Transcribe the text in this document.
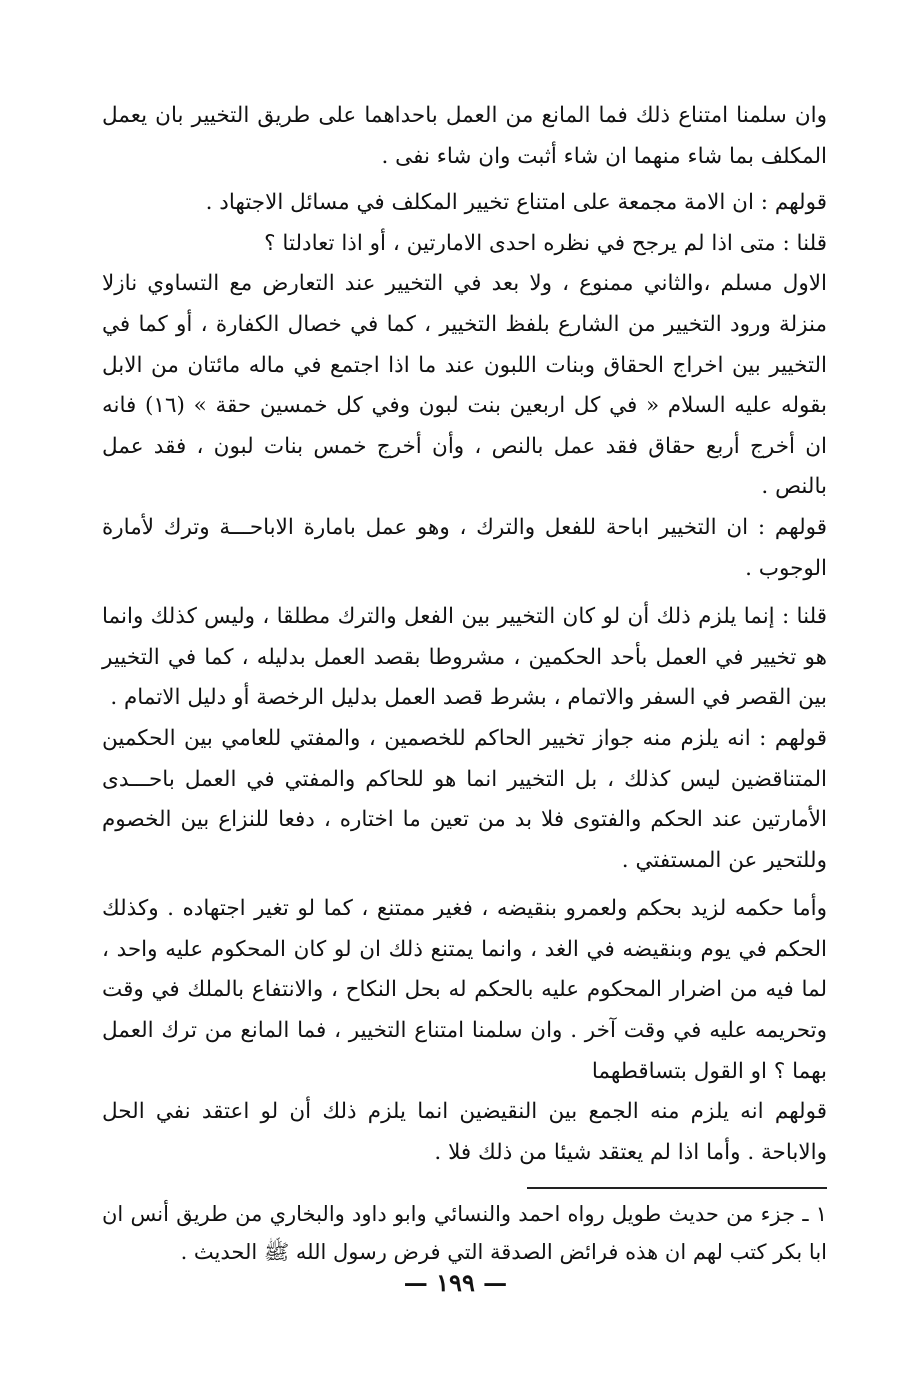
وان سلمنا امتناع ذلك فما المانع من العمل باحداهما على طريق التخيير بان يعمل المكلف بما شاء منهما ان شاء أثبت وان شاء نفى .

قولهم : ان الامة مجمعة على امتناع تخيير المكلف في مسائل الاجتهاد .

قلنا : متى اذا لم يرجح في نظره احدى الامارتين ، أو اذا تعادلتا ؟

الاول مسلم ،والثاني ممنوع ، ولا بعد في التخيير عند التعارض مع التساوي نازلا منزلة ورود التخيير من الشارع بلفظ التخيير ، كما في خصال الكفارة ، أو كما في التخيير بين اخراج الحقاق وبنات اللبون عند ما اذا اجتمع في ماله مائتان من الابل بقوله عليه السلام « في كل اربعين بنت لبون وفي كل خمسين حقة » (١٦) فانه ان أخرج أربع حقاق فقد عمل بالنص ، وأن أخرج خمس بنات لبون ، فقد عمل بالنص .

قولهم : ان التخيير اباحة للفعل والترك ، وهو عمل بامارة الاباحـــة وترك لأمارة الوجوب .

قلنا : إنما يلزم ذلك أن لو كان التخيير بين الفعل والترك مطلقا ، وليس كذلك وانما هو تخيير في العمل بأحد الحكمين ، مشروطا بقصد العمل بدليله ، كما في التخيير بين القصر في السفر والاتمام ، بشرط قصد العمل بدليل الرخصة أو دليل الاتمام .

قولهم : انه يلزم منه جواز تخيير الحاكم للخصمين ، والمفتي للعامي بين الحكمين المتناقضين ليس كذلك ، بل التخيير انما هو للحاكم والمفتي في العمل باحـــدى الأمارتين عند الحكم والفتوى فلا بد من تعين ما اختاره ، دفعا للنزاع بين الخصوم وللتحير عن المستفتي .

وأما حكمه لزيد بحكم ولعمرو بنقيضه ، فغير ممتنع ، كما لو تغير اجتهاده . وكذلك الحكم في يوم وبنقيضه في الغد ، وانما يمتنع ذلك ان لو كان المحكوم عليه واحد ، لما فيه من اضرار المحكوم عليه بالحكم له بحل النكاح ، والانتفاع بالملك في وقت وتحريمه عليه في وقت آخر . وان سلمنا امتناع التخيير ، فما المانع من ترك العمل بهما ؟ او القول بتساقطهما

قولهم انه يلزم منه الجمع بين النقيضين انما يلزم ذلك أن لو اعتقد نفي الحل والاباحة . وأما اذا لم يعتقد شيئا من ذلك فلا .

١ ـ جزء من حديث طويل رواه احمد والنسائي وابو داود والبخاري من طريق أنس ان ابا بكر كتب لهم ان هذه فرائض الصدقة التي فرض رسول الله ﷺ الحديث .

— ١٩٩ —
